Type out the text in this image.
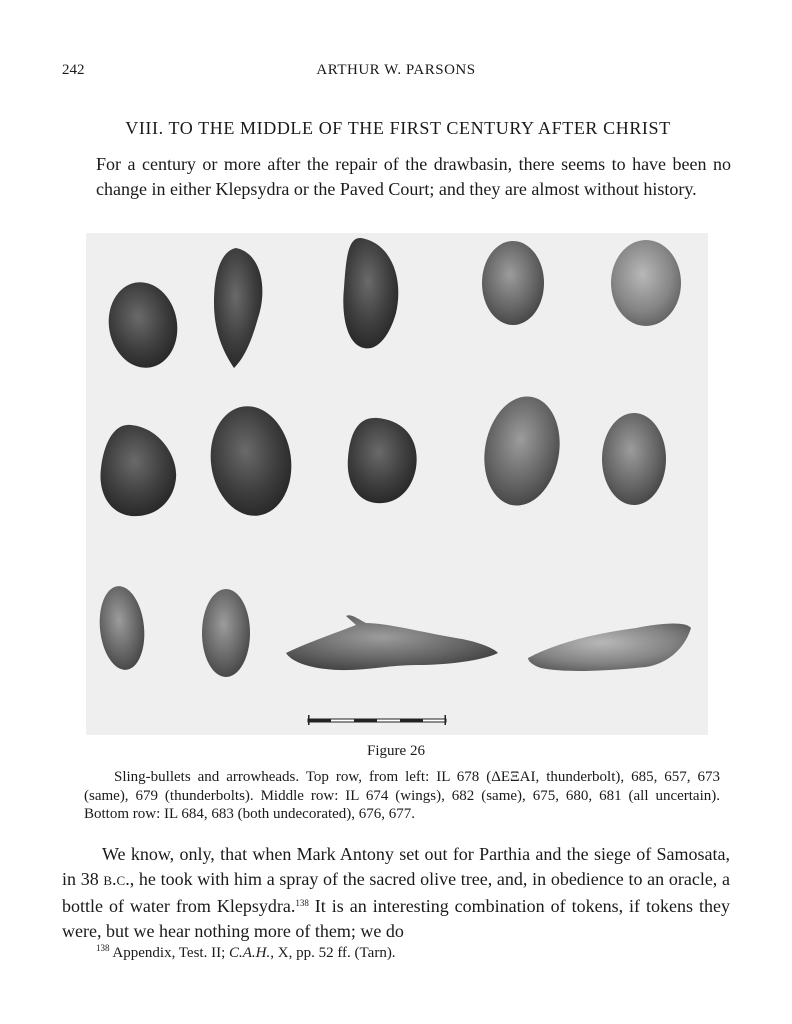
242	ARTHUR W. PARSONS
VIII. TO THE MIDDLE OF THE FIRST CENTURY AFTER CHRIST
For a century or more after the repair of the drawbasin, there seems to have been no change in either Klepsydra or the Paved Court; and they are almost without history.
Figure 26
Sling-bullets and arrowheads. Top row, from left: IL 678 (ΔΕΞΑΙ, thunderbolt), 685, 657, 673 (same), 679 (thunderbolts). Middle row: IL 674 (wings), 682 (same), 675, 680, 681 (all uncertain). Bottom row: IL 684, 683 (both undecorated), 676, 677.
We know, only, that when Mark Antony set out for Parthia and the siege of Samosata, in 38 b.c., he took with him a spray of the sacred olive tree, and, in obedience to an oracle, a bottle of water from Klepsydra.$^{138}$ It is an interesting combination of tokens, if tokens they were, but we hear nothing more of them; we do
$^{138}$ Appendix, Test. II; C.A.H., X, pp. 52 ff. (Tarn).
